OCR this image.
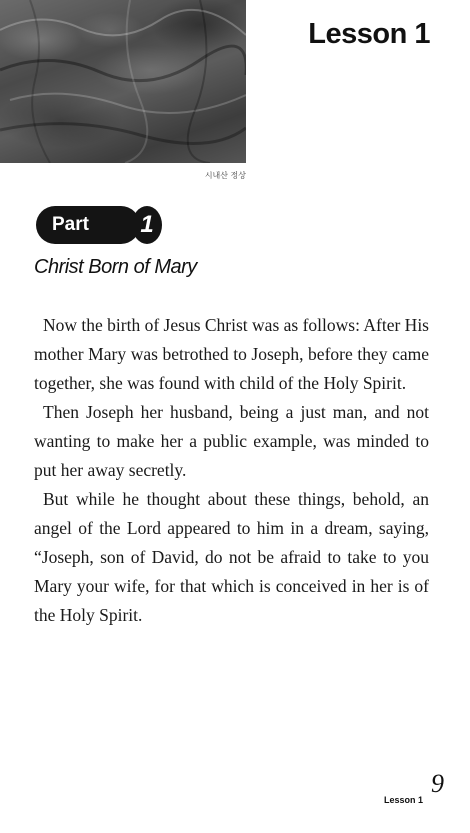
시내산 정상
Lesson 1
Part	1
Christ Born of Mary

Now the birth of Jesus Christ was as follows: After His mother Mary was betrothed to Joseph, before they came together, she was found with child of the Holy Spirit.

Then Joseph her husband, being a just man, and not wanting to make her a public example, was minded to put her away secretly.

But while he thought about these things, behold, an angel of the Lord appeared to him in a dream, saying, “Joseph, son of David, do not be afraid to take to you Mary your wife, for that which is conceived in her is of the Holy Spirit.

Lesson 1
9
